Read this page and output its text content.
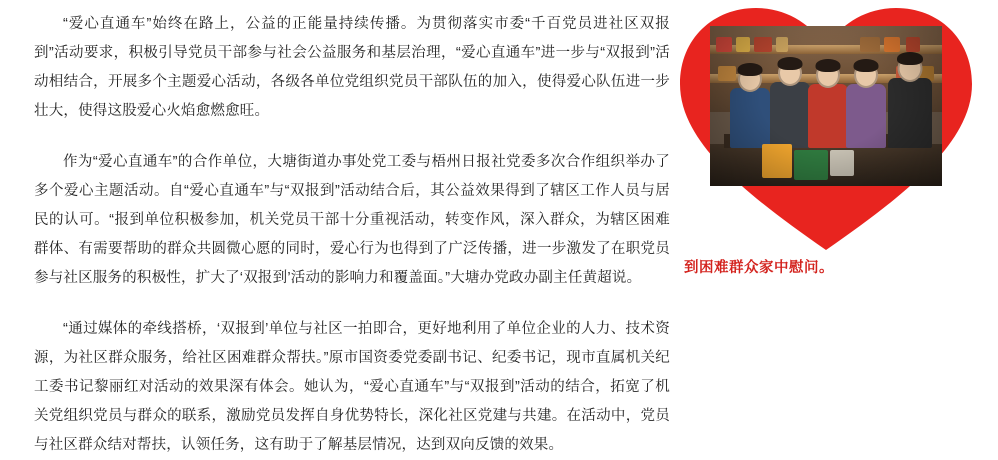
“爱心直通车”始终在路上，公益的正能量持续传播。为贯彻落实市委“千百党员进社区双报到”活动要求，积极引导党员干部参与社会公益服务和基层治理，“爱心直通车”进一步与“双报到”活动相结合，开展多个主题爱心活动，各级各单位党组织党员干部队伍的加入，使得爱心队伍进一步壮大，使得这股爱心火焰愈燃愈旺。

作为“爱心直通车”的合作单位，大塘街道办事处党工委与梧州日报社党委多次合作组织举办了多个爱心主题活动。自“爱心直通车”与“双报到”活动结合后，其公益效果得到了辖区工作人员与居民的认可。“报到单位积极参加，机关党员干部十分重视活动，转变作风，深入群众，为辖区困难群体、有需要帮助的群众共圆微心愿的同时，爱心行为也得到了广泛传播，进一步激发了在职党员参与社区服务的积极性，扩大了‘双报到’活动的影响力和覆盖面。”大塘办党政办副主任黄超说。

“通过媒体的牵线搭桥，‘双报到’单位与社区一拍即合，更好地利用了单位企业的人力、技术资源，为社区群众服务，给社区困难群众帮扶。”原市国资委党委副书记、纪委书记，现市直属机关纪工委书记黎丽红对活动的效果深有体会。她认为，“爱心直通车”与“双报到”活动的结合，拓宽了机关党组织党员与群众的联系，激励党员发挥自身优势特长，深化社区党建与共建。在活动中，党员与社区群众结对帮扶，认领任务，这有助于了解基层情况，达到双向反馈的效果。

到困难群众家中慰问。
